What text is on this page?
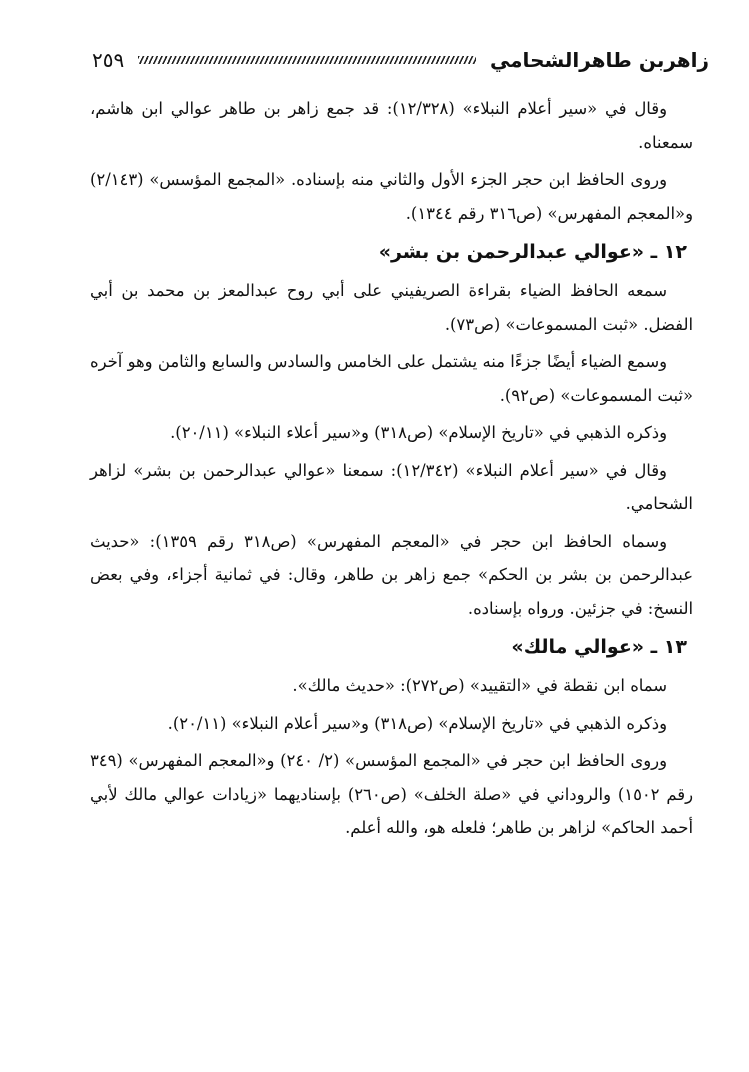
زاهربن طاهرالشحامي
٢٥٩

وقال في «سير أعلام النبلاء» (١٢/٣٢٨): قد جمع زاهر بن طاهر عوالي ابن هاشم، سمعناه.

وروى الحافظ ابن حجر الجزء الأول والثاني منه بإسناده. «المجمع المؤسس» (٢/١٤٣) و«المعجم المفهرس» (ص٣١٦ رقم ١٣٤٤).

١٢ ـ «عوالي عبدالرحمن بن بشر»

سمعه الحافظ الضياء بقراءة الصريفيني على أبي روح عبدالمعز بن محمد بن أبي الفضل. «ثبت المسموعات» (ص٧٣).

وسمع الضياء أيضًا جزءًا منه يشتمل على الخامس والسادس والسابع والثامن وهو آخره «ثبت المسموعات» (ص٩٢).

وذكره الذهبي في «تاريخ الإسلام» (ص٣١٨) و«سير أعلاء النبلاء» (٢٠/١١).

وقال في «سير أعلام النبلاء» (١٢/٣٤٢): سمعنا «عوالي عبدالرحمن بن بشر» لزاهر الشحامي.

وسماه الحافظ ابن حجر في «المعجم المفهرس» (ص٣١٨ رقم ١٣٥٩): «حديث عبدالرحمن بن بشر بن الحكم» جمع زاهر بن طاهر، وقال: في ثمانية أجزاء، وفي بعض النسخ: في جزئين. ورواه بإسناده.

١٣ ـ «عوالي مالك»

سماه ابن نقطة في «التقييد» (ص٢٧٢): «حديث مالك».

وذكره الذهبي في «تاريخ الإسلام» (ص٣١٨) و«سير أعلام النبلاء» (٢٠/١١).

وروى الحافظ ابن حجر في «المجمع المؤسس» (٢/ ٢٤٠) و«المعجم المفهرس» (٣٤٩ رقم ١٥٠٢) والروداني في «صلة الخلف» (ص٢٦٠) بإسناديهما «زيادات عوالي مالك لأبي أحمد الحاكم» لزاهر بن طاهر؛ فلعله هو، والله أعلم.
